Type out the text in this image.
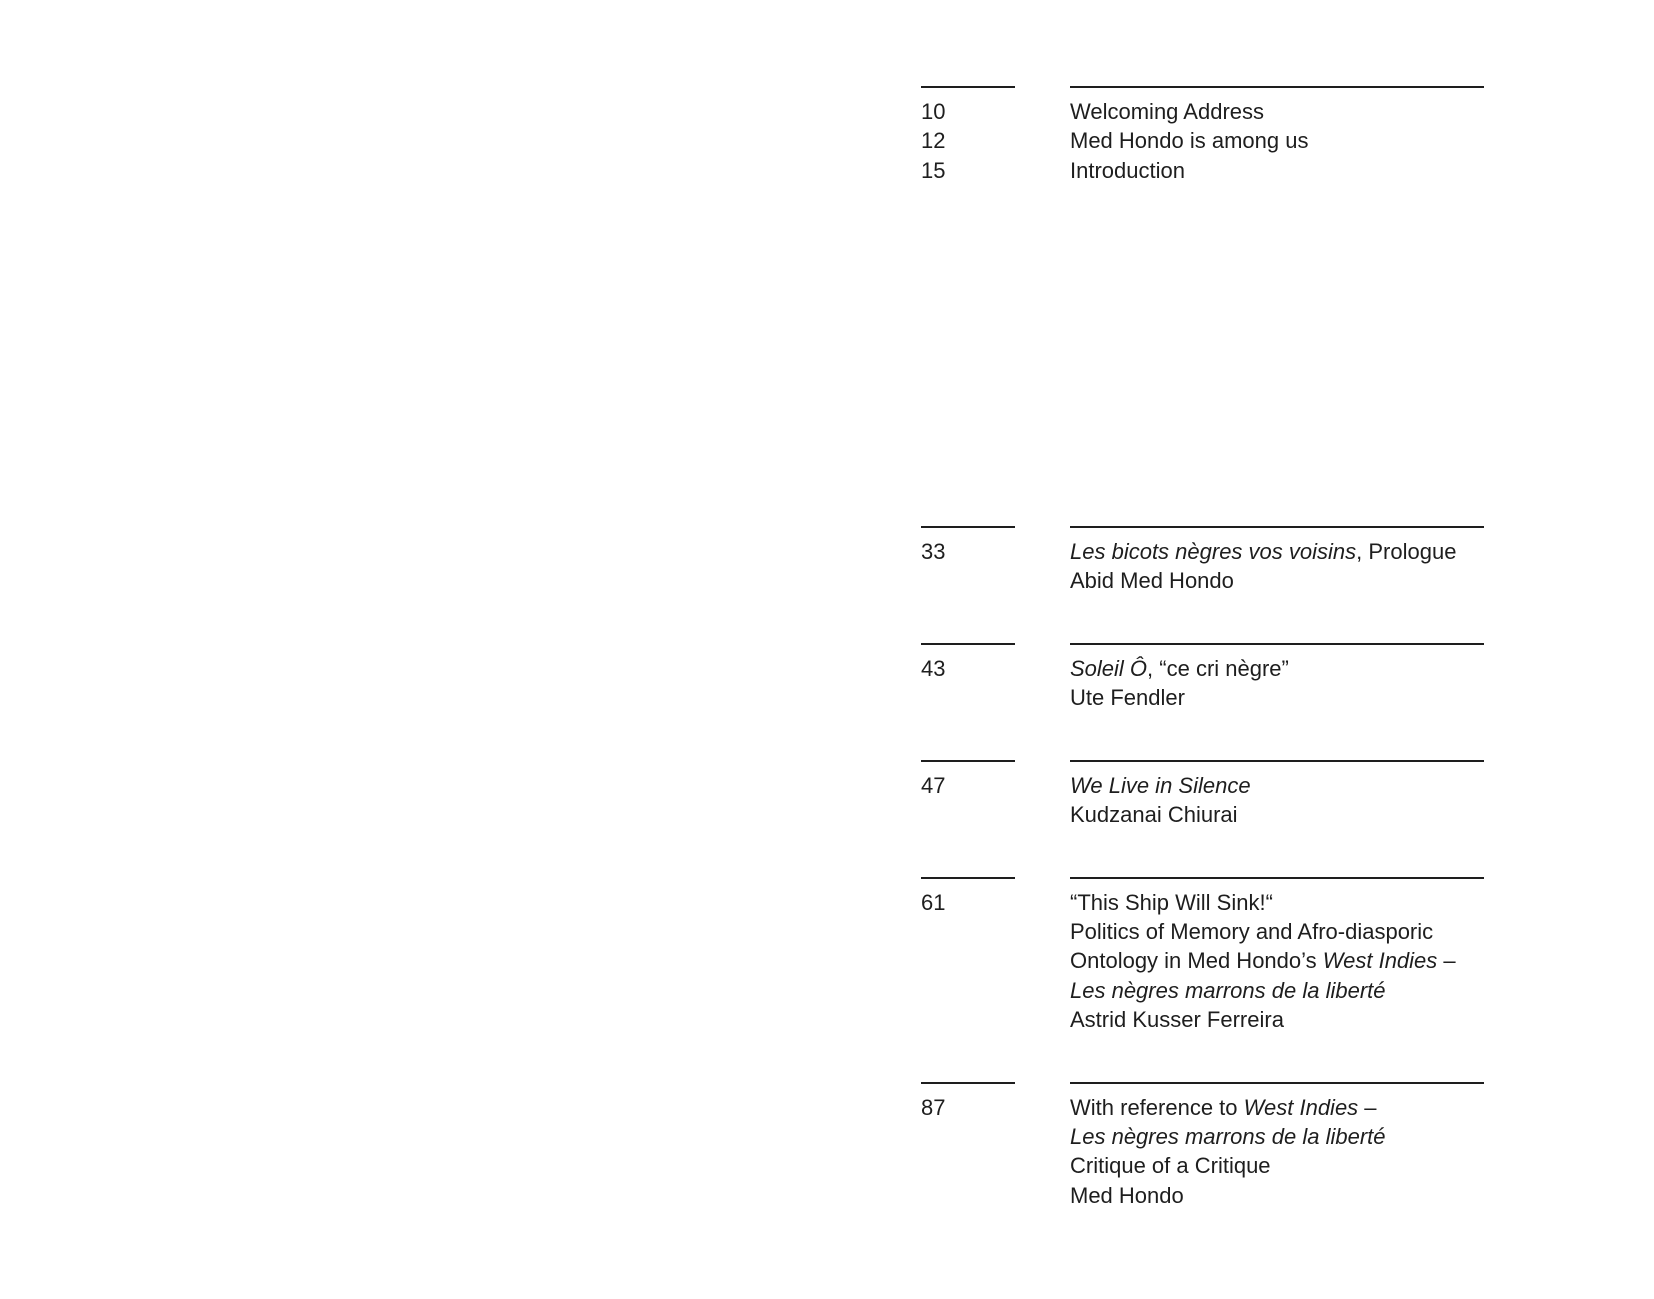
10	Welcoming Address
12	Med Hondo is among us
15	Introduction
33	Les bicots nègres vos voisins, Prologue
Abid Med Hondo
43	Soleil Ô, “ce cri nègre”
Ute Fendler
47	We Live in Silence
Kudzanai Chiurai
61	“This Ship Will Sink!“
Politics of Memory and Afro-diasporic
Ontology in Med Hondo’s West Indies –
Les nègres marrons de la liberté
Astrid Kusser Ferreira
87	With reference to West Indies –
Les nègres marrons de la liberté
Critique of a Critique
Med Hondo
